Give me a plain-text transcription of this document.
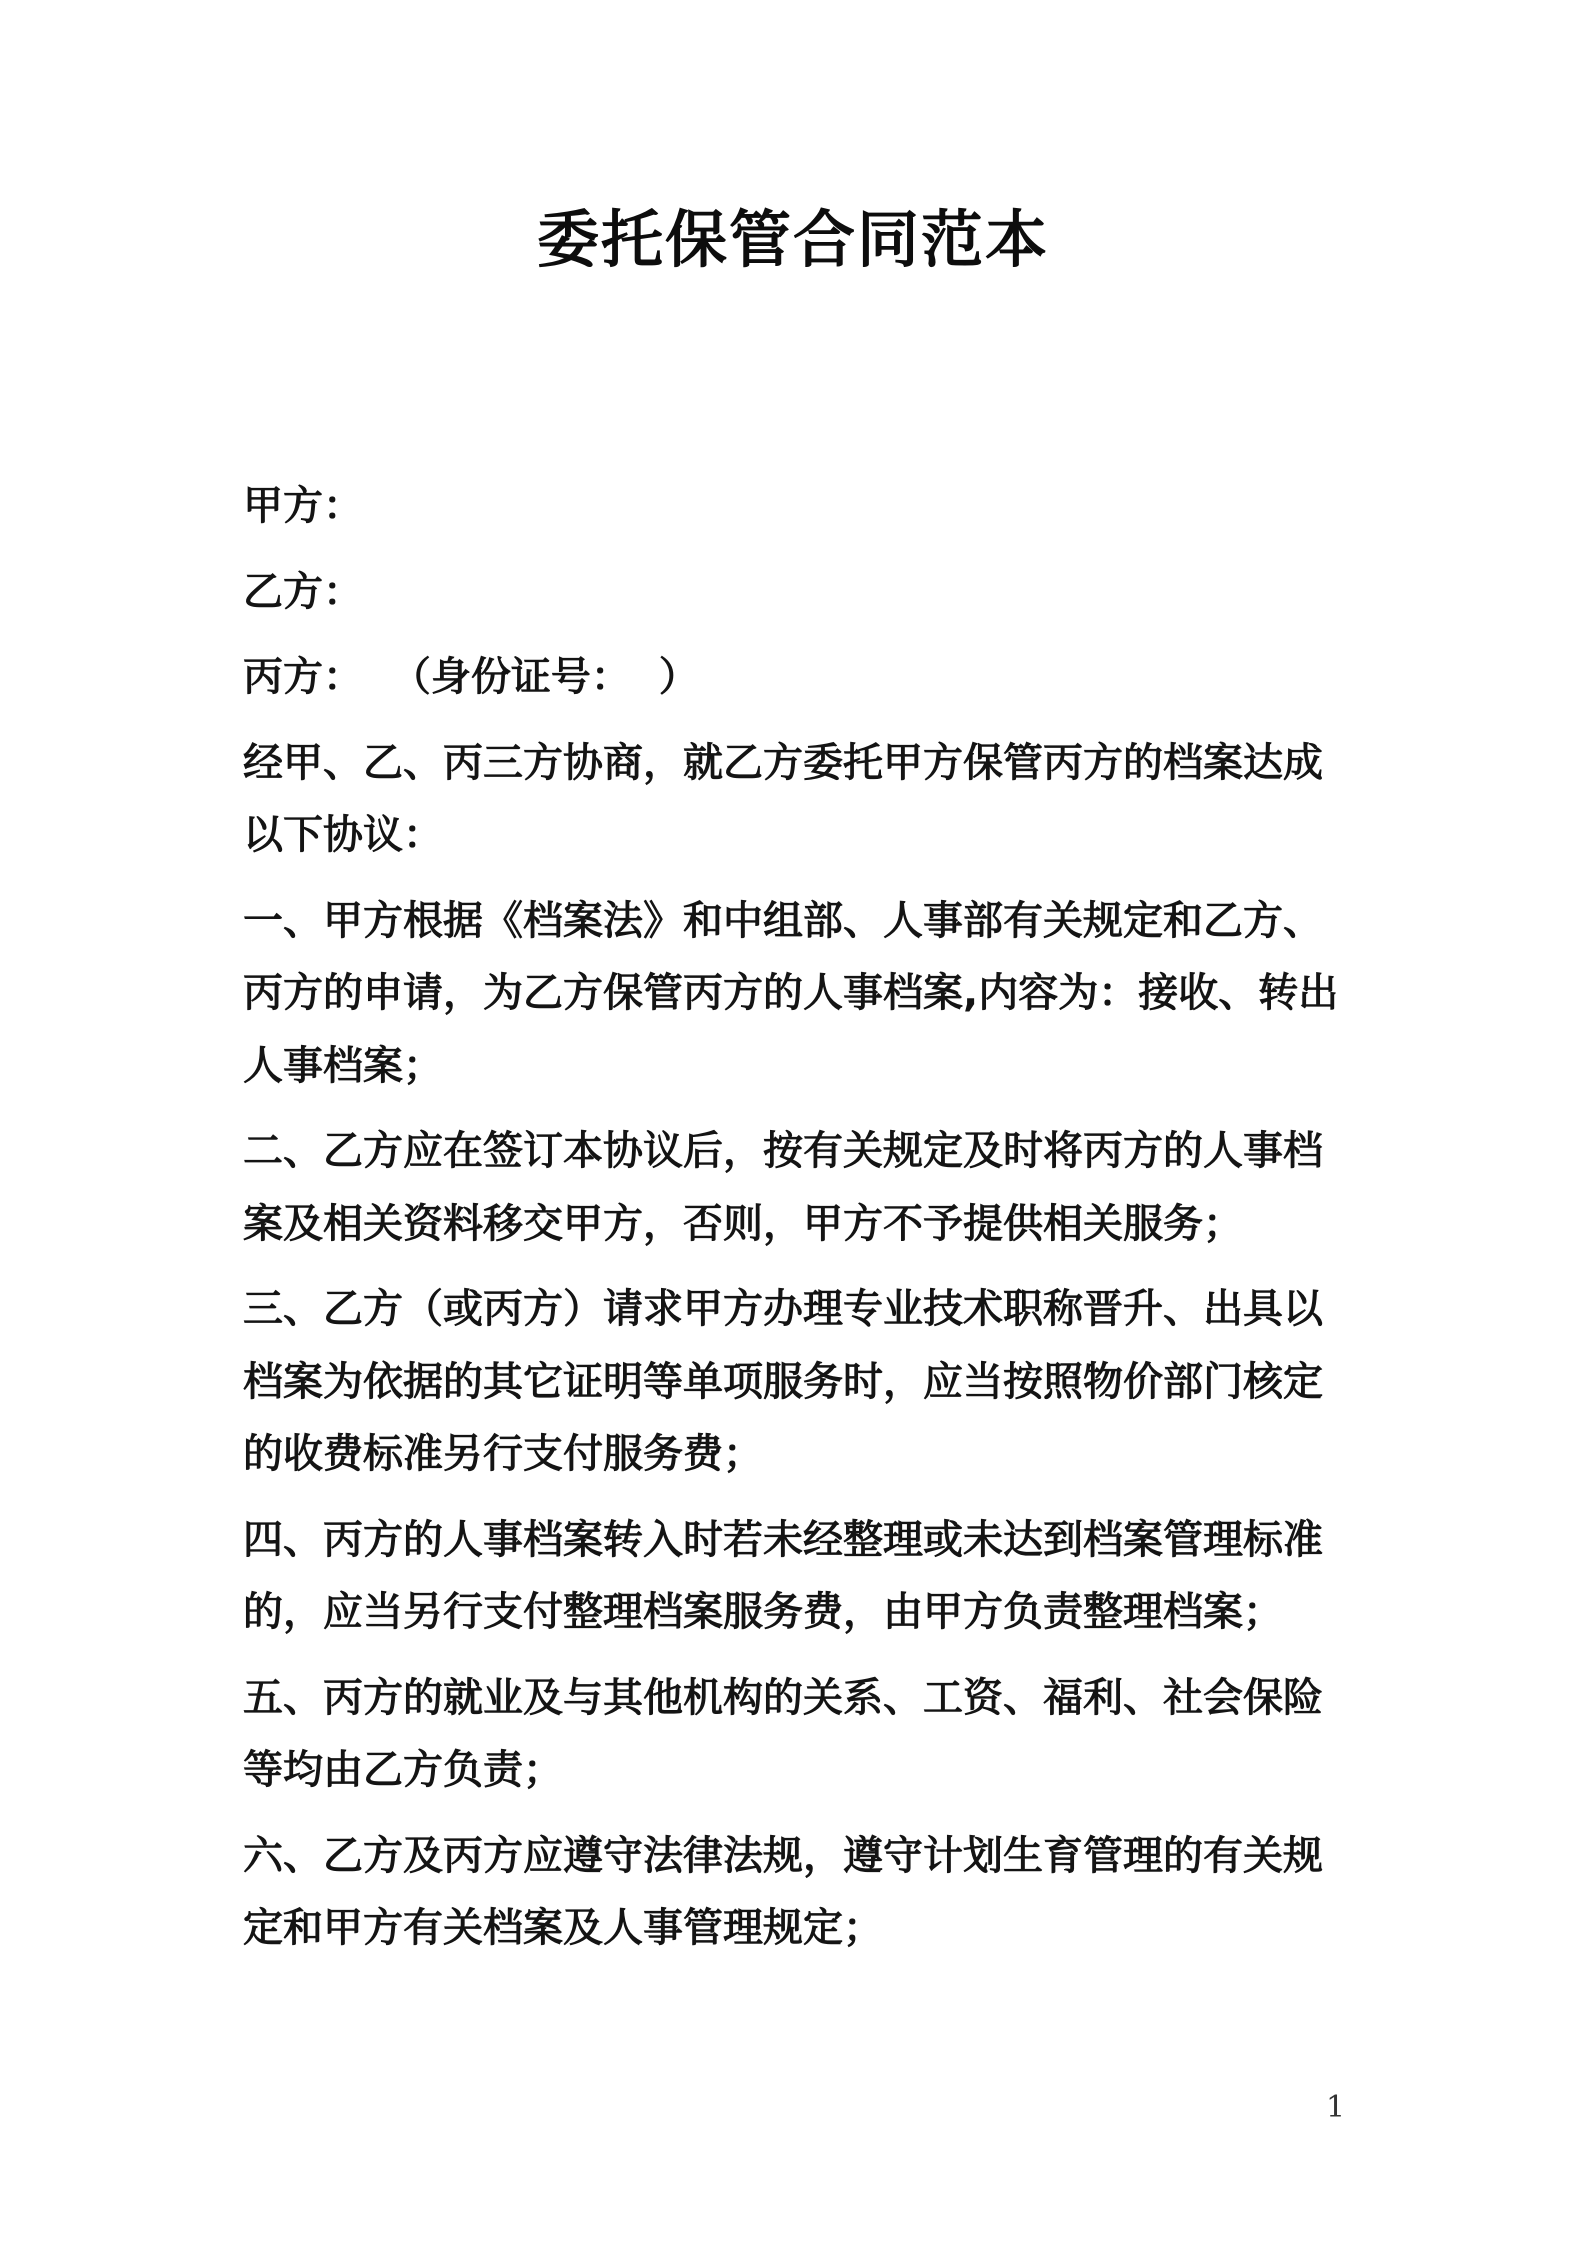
委托保管合同范本

甲方：

乙方：

丙方：  （身份证号：  ）

经甲、乙、丙三方协商，就乙方委托甲方保管丙方的档案达成
以下协议：

一、甲方根据《档案法》和中组部、人事部有关规定和乙方、
丙方的申请，为乙方保管丙方的人事档案,内容为：接收、转出
人事档案；

二、乙方应在签订本协议后，按有关规定及时将丙方的人事档
案及相关资料移交甲方，否则，甲方不予提供相关服务；

三、乙方（或丙方）请求甲方办理专业技术职称晋升、出具以
档案为依据的其它证明等单项服务时，应当按照物价部门核定
的收费标准另行支付服务费；

四、丙方的人事档案转入时若未经整理或未达到档案管理标准
的，应当另行支付整理档案服务费，由甲方负责整理档案；

五、丙方的就业及与其他机构的关系、工资、福利、社会保险
等均由乙方负责；

六、乙方及丙方应遵守法律法规，遵守计划生育管理的有关规
定和甲方有关档案及人事管理规定；

1
